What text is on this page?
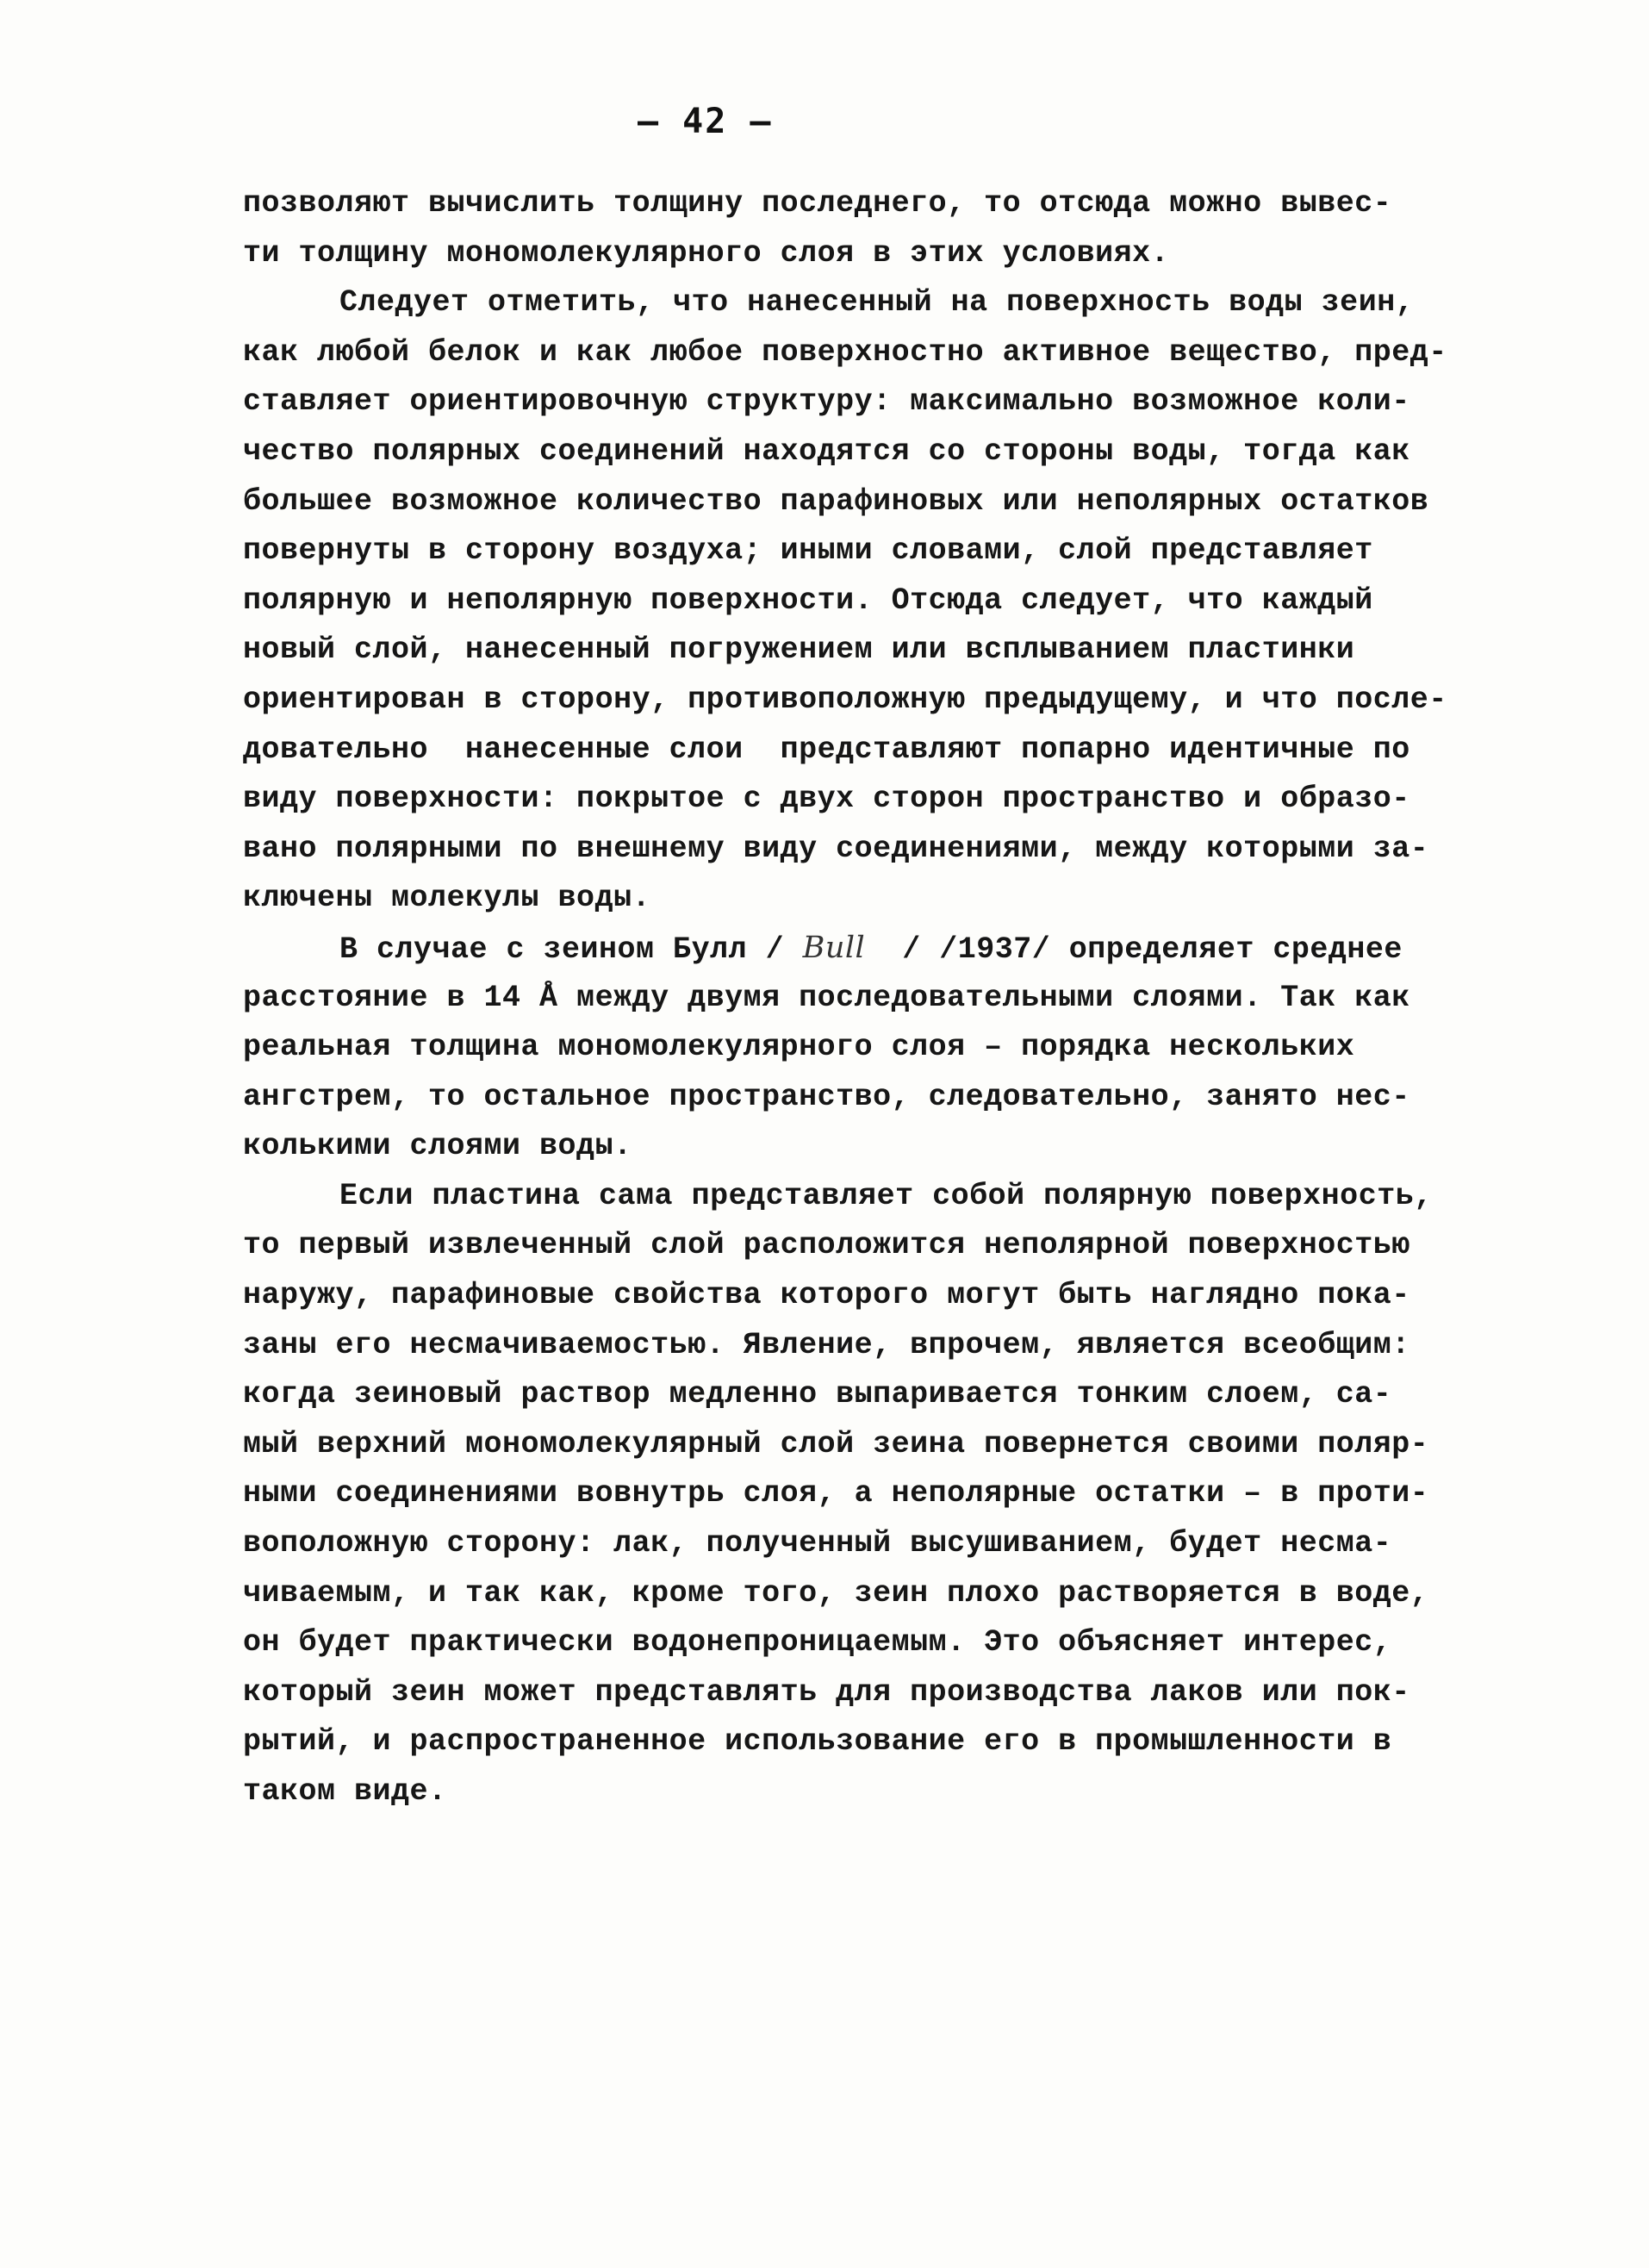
– 42 –
позволяют вычислить толщину последнего, то отсюда можно вывес-
ти толщину мономолекулярного слоя в этих условиях.
Следует отметить, что нанесенный на поверхность воды зеин,
как любой белок и как любое поверхностно активное вещество, пред-
ставляет ориентировочную структуру: максимально возможное коли-
чество полярных соединений находятся со стороны воды, тогда как
большее возможное количество парафиновых или неполярных остатков
повернуты в сторону воздуха; иными словами, слой представляет
полярную и неполярную поверхности. Отсюда следует, что каждый
новый слой, нанесенный погружением или всплыванием пластинки
ориентирован в сторону, противоположную предыдущему, и что после-
довательно  нанесенные слои  представляют попарно идентичные по
виду поверхности: покрытое с двух сторон пространство и образо-
вано полярными по внешнему виду соединениями, между которыми за-
ключены молекулы воды.
В случае с зеином Булл / Bull  / /1937/ определяет среднее
расстояние в 14 Å между двумя последовательными слоями. Так как
реальная толщина мономолекулярного слоя – порядка нескольких
ангстрем, то остальное пространство, следовательно, занято нес-
колькими слоями воды.
Если пластина сама представляет собой полярную поверхность,
то первый извлеченный слой расположится неполярной поверхностью
наружу, парафиновые свойства которого могут быть наглядно пока-
заны его несмачиваемостью. Явление, впрочем, является всеобщим:
когда зеиновый раствор медленно выпаривается тонким слоем, са-
мый верхний мономолекулярный слой зеина повернется своими поляр-
ными соединениями вовнутрь слоя, а неполярные остатки – в проти-
воположную сторону: лак, полученный высушиванием, будет несма-
чиваемым, и так как, кроме того, зеин плохо растворяется в воде,
он будет практически водонепроницаемым. Это объясняет интерес,
который зеин может представлять для производства лаков или пок-
рытий, и распространенное использование его в промышленности в
таком виде.
